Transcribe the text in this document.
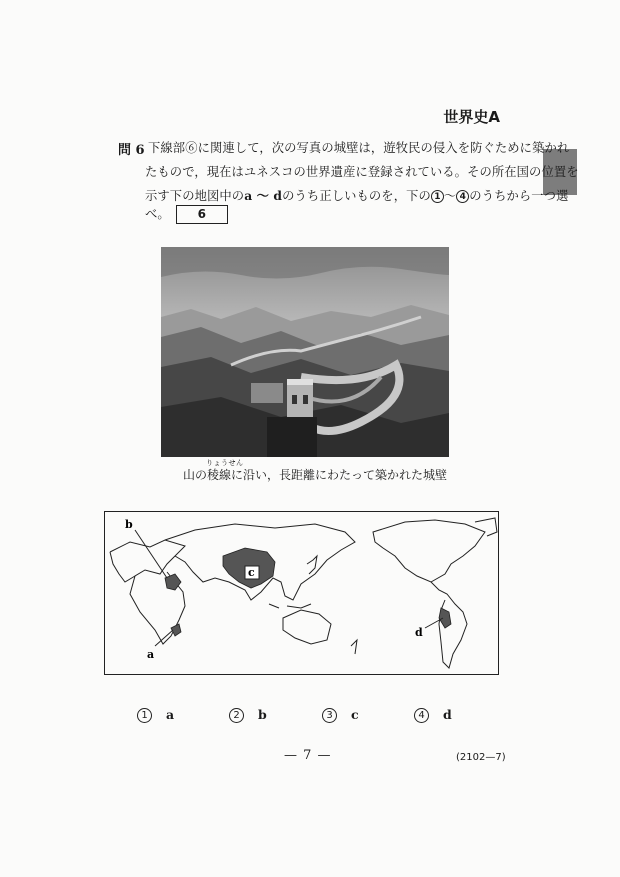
世界史A
問 6 下線部⑥に関連して，次の写真の城壁は，遊牧民の侵入を防ぐために築かれ
たもので，現在はユネスコの世界遺産に登録されている。その所在国の位置を
示す下の地図中のa ～ dのうち正しいものを，下の 1 ～ 4 のうちから一つ選
べ。 6
りょうせん
山の稜線に沿い，長距離にわたって築かれた城壁
c
b
a
d
1 a	2 b	3 c	4 d
— 7 —	(2102—7)
